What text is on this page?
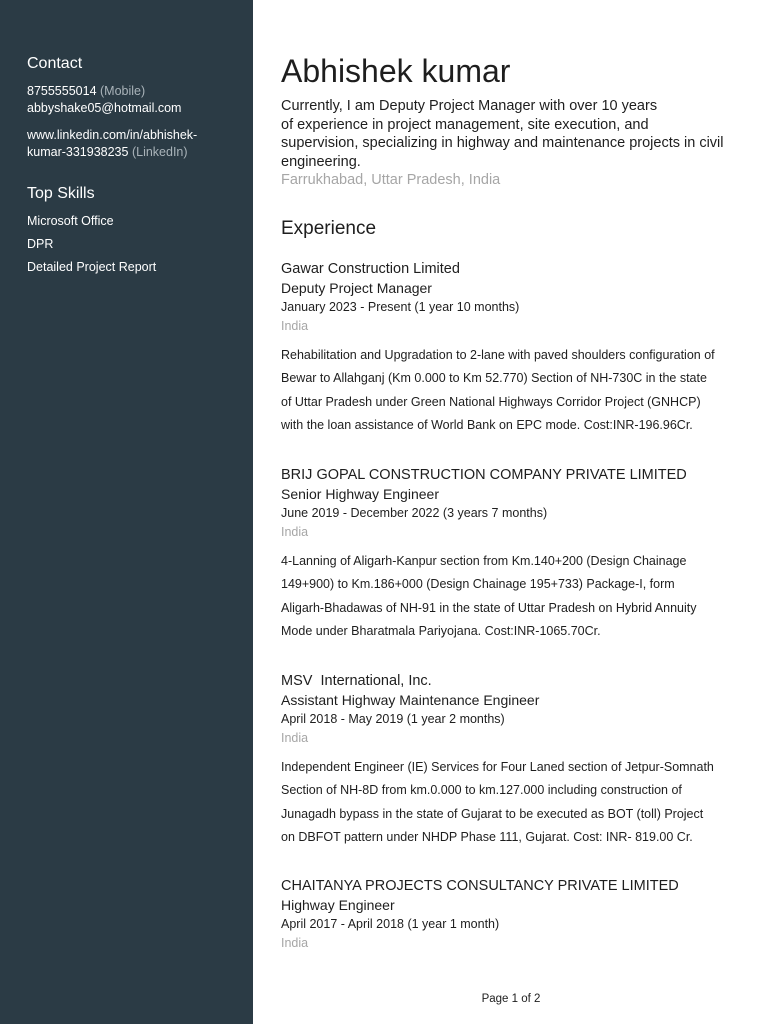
Contact
8755555014 (Mobile)
abbyshake05@hotmail.com
www.linkedin.com/in/abhishek-
kumar-331938235 (LinkedIn)
Top Skills
Microsoft Office
DPR
Detailed Project Report
Abhishek kumar
Currently, I am Deputy Project Manager with over 10 years
of experience in project management, site execution, and
supervision, specializing in highway and maintenance projects in civil
engineering.
Farrukhabad, Uttar Pradesh, India
Experience
Gawar Construction Limited
Deputy Project Manager
January 2023 - Present (1 year 10 months)
India
Rehabilitation and Upgradation to 2-lane with paved shoulders configuration of
Bewar to Allahganj (Km 0.000 to Km 52.770) Section of NH-730C in the state
of Uttar Pradesh under Green National Highways Corridor Project (GNHCP)
with the loan assistance of World Bank on EPC mode. Cost:INR-196.96Cr.
BRIJ GOPAL CONSTRUCTION COMPANY PRIVATE LIMITED
Senior Highway Engineer
June 2019 - December 2022 (3 years 7 months)
India
4-Lanning of Aligarh-Kanpur section from Km.140+200 (Design Chainage
149+900) to Km.186+000 (Design Chainage 195+733) Package-I, form
Aligarh-Bhadawas of NH-91 in the state of Uttar Pradesh on Hybrid Annuity
Mode under Bharatmala Pariyojana. Cost:INR-1065.70Cr.
MSV  International, Inc.
Assistant Highway Maintenance Engineer
April 2018 - May 2019 (1 year 2 months)
India
Independent Engineer (IE) Services for Four Laned section of Jetpur-Somnath
Section of NH-8D from km.0.000 to km.127.000 including construction of
Junagadh bypass in the state of Gujarat to be executed as BOT (toll) Project
on DBFOT pattern under NHDP Phase 111, Gujarat. Cost: INR- 819.00 Cr.
CHAITANYA PROJECTS CONSULTANCY PRIVATE LIMITED
Highway Engineer
April 2017 - April 2018 (1 year 1 month)
India
Page 1 of 2
